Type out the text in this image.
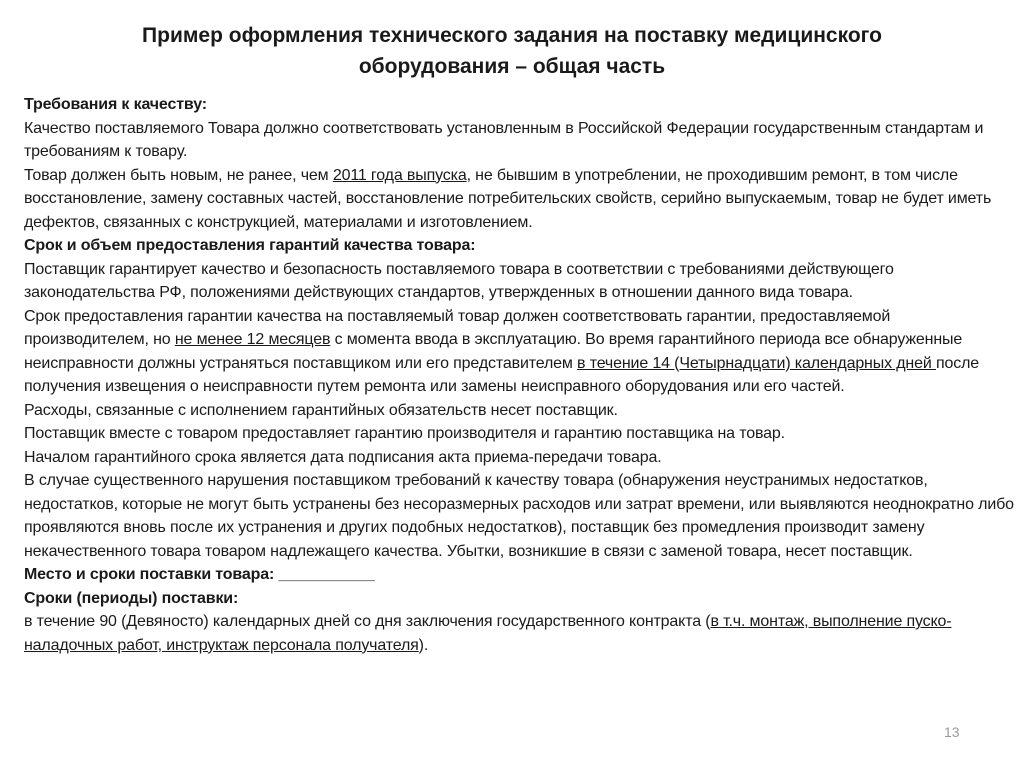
Пример оформления технического задания на поставку медицинского
оборудования – общая часть

Требования к качеству:

Качество поставляемого Товара должно соответствовать установленным в Российской Федерации государственным стандартам и требованиям к товару.

Товар должен быть новым, не ранее, чем 2011 года выпуска, не бывшим в употреблении, не проходившим ремонт, в том числе восстановление, замену составных частей, восстановление потребительских свойств, серийно выпускаемым, товар не будет иметь дефектов, связанных с конструкцией, материалами и изготовлением.

Срок и объем предоставления гарантий качества товара:

Поставщик гарантирует качество и безопасность поставляемого товара в соответствии с требованиями действующего законодательства РФ, положениями действующих стандартов, утвержденных в отношении данного вида товара.

Срок предоставления гарантии качества на поставляемый товар должен соответствовать гарантии, предоставляемой производителем, но не менее 12 месяцев с момента ввода в эксплуатацию. Во время гарантийного периода все обнаруженные неисправности должны устраняться поставщиком или его представителем в течение 14 (Четырнадцати) календарных дней после получения извещения о неисправности путем ремонта или замены неисправного оборудования или его частей.

Расходы, связанные с исполнением гарантийных обязательств несет поставщик.

Поставщик вместе с товаром предоставляет гарантию производителя и гарантию поставщика на товар.

Началом гарантийного срока является дата подписания акта приема-передачи товара.

В случае существенного нарушения поставщиком требований к качеству товара (обнаружения неустранимых недостатков, недостатков, которые не могут быть устранены без несоразмерных расходов или затрат времени, или выявляются неоднократно либо проявляются вновь после их устранения и других подобных недостатков), поставщик без промедления производит замену некачественного товара товаром надлежащего качества. Убытки, возникшие в связи с заменой товара, несет поставщик.

Место и сроки поставки товара: ___________

Сроки (периоды) поставки:

в течение 90 (Девяносто) календарных дней со дня заключения государственного контракта (в т.ч. монтаж, выполнение пуско-наладочных работ, инструктаж персонала получателя).

13
